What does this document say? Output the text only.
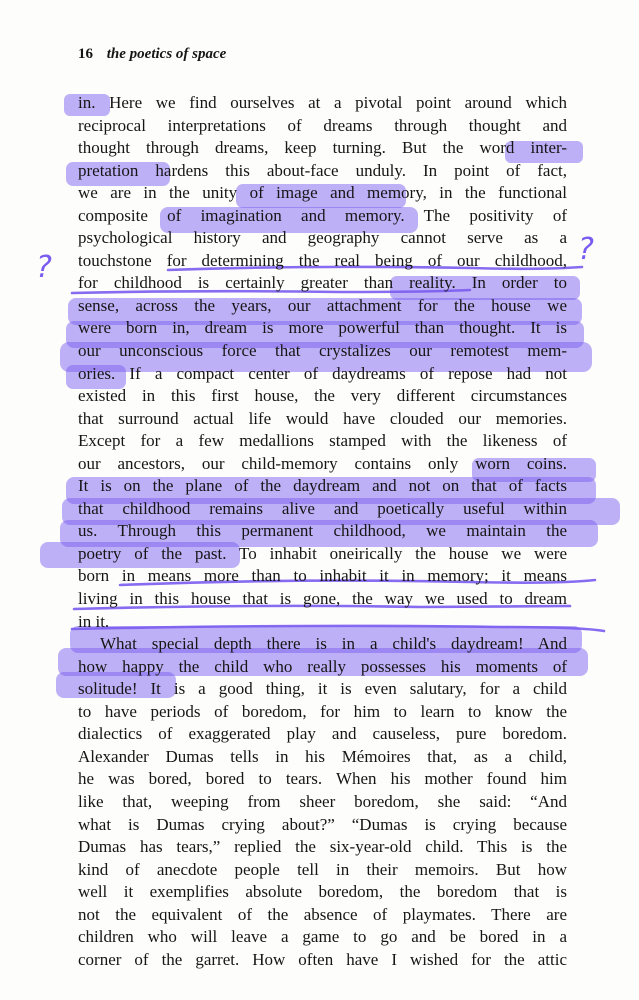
16 the poetics of space
in. Here we find ourselves at a pivotal point around which
reciprocal interpretations of dreams through thought and
thought through dreams, keep turning. But the word inter-
pretation hardens this about-face unduly. In point of fact,
we are in the unity of image and memory, in the functional
composite of imagination and memory. The positivity of
psychological history and geography cannot serve as a
touchstone for determining the real being of our childhood,
for childhood is certainly greater than reality. In order to
sense, across the years, our attachment for the house we
were born in, dream is more powerful than thought. It is
our unconscious force that crystalizes our remotest mem-
ories. If a compact center of daydreams of repose had not
existed in this first house, the very different circumstances
that surround actual life would have clouded our memories.
Except for a few medallions stamped with the likeness of
our ancestors, our child-memory contains only worn coins.
It is on the plane of the daydream and not on that of facts
that childhood remains alive and poetically useful within
us. Through this permanent childhood, we maintain the
poetry of the past. To inhabit oneirically the house we were
born in means more than to inhabit it in memory; it means
living in this house that is gone, the way we used to dream
in it.
What special depth there is in a child's daydream! And
how happy the child who really possesses his moments of
solitude! It is a good thing, it is even salutary, for a child
to have periods of boredom, for him to learn to know the
dialectics of exaggerated play and causeless, pure boredom.
Alexander Dumas tells in his Mémoires that, as a child,
he was bored, bored to tears. When his mother found him
like that, weeping from sheer boredom, she said: “And
what is Dumas crying about?” “Dumas is crying because
Dumas has tears,” replied the six-year-old child. This is the
kind of anecdote people tell in their memoirs. But how
well it exemplifies absolute boredom, the boredom that is
not the equivalent of the absence of playmates. There are
children who will leave a game to go and be bored in a
corner of the garret. How often have I wished for the attic
?
?
